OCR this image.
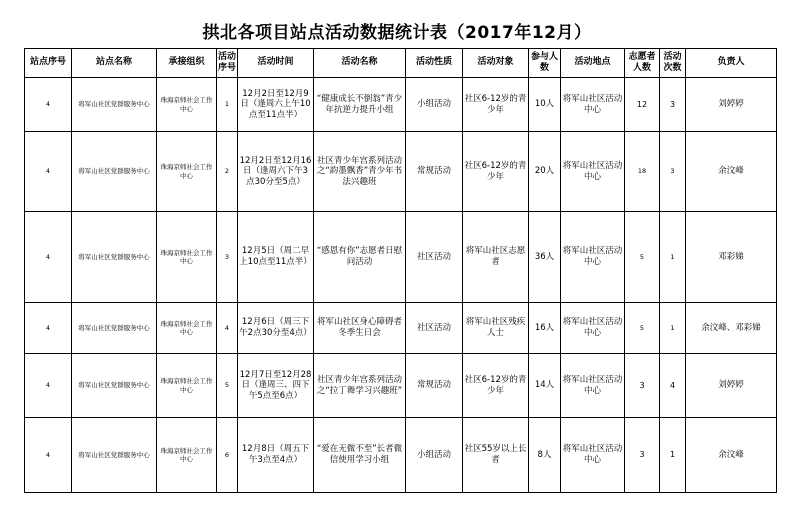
拱北各项目站点活动数据统计表（2017年12月）
站点序号	站点名称	承接组织	活动序号	活动时间	活动名称	活动性质	活动对象	参与人数	活动地点	志愿者人数	活动次数	负责人
4	将军山社区党群服务中心	珠海京师社会工作中心	1	12月2日至12月9日（逢周六上午10点至11点半）	“健康成长不倒翁”青少年抗逆力提升小组	小组活动	社区6-12岁的青少年	10人	将军山社区活动中心	12	3	刘婷婷
4	将军山社区党群服务中心	珠海京师社会工作中心	2	12月2日至12月16日（逢周六下午3点30分至5点）	社区青少年宫系列活动之“韵墨飘香”青少年书法兴趣班	常规活动	社区6-12岁的青少年	20人	将军山社区活动中心	18	3	余汶峰
4	将军山社区党群服务中心	珠海京师社会工作中心	3	12月5日（周二早上10点至11点半）	“感恩有你”志愿者日慰问活动	社区活动	将军山社区志愿者	36人	将军山社区活动中心	5	1	邓彩娣
4	将军山社区党群服务中心	珠海京师社会工作中心	4	12月6日（周三下午2点30分至4点）	将军山社区身心障碍者冬季生日会	社区活动	将军山社区残疾人士	16人	将军山社区活动中心	5	1	余汶峰、邓彩娣
4	将军山社区党群服务中心	珠海京师社会工作中心	5	12月7日至12月28日（逢周三、四下午5点至6点）	社区青少年宫系列活动之“拉丁舞学习兴趣班”	常规活动	社区6-12岁的青少年	14人	将军山社区活动中心	3	4	刘婷婷
4	将军山社区党群服务中心	珠海京师社会工作中心	6	12月8日（周五下午3点至4点）	“爱在无微不至”长者微信使用学习小组	小组活动	社区55岁以上长者	8人	将军山社区活动中心	3	1	余汶峰
